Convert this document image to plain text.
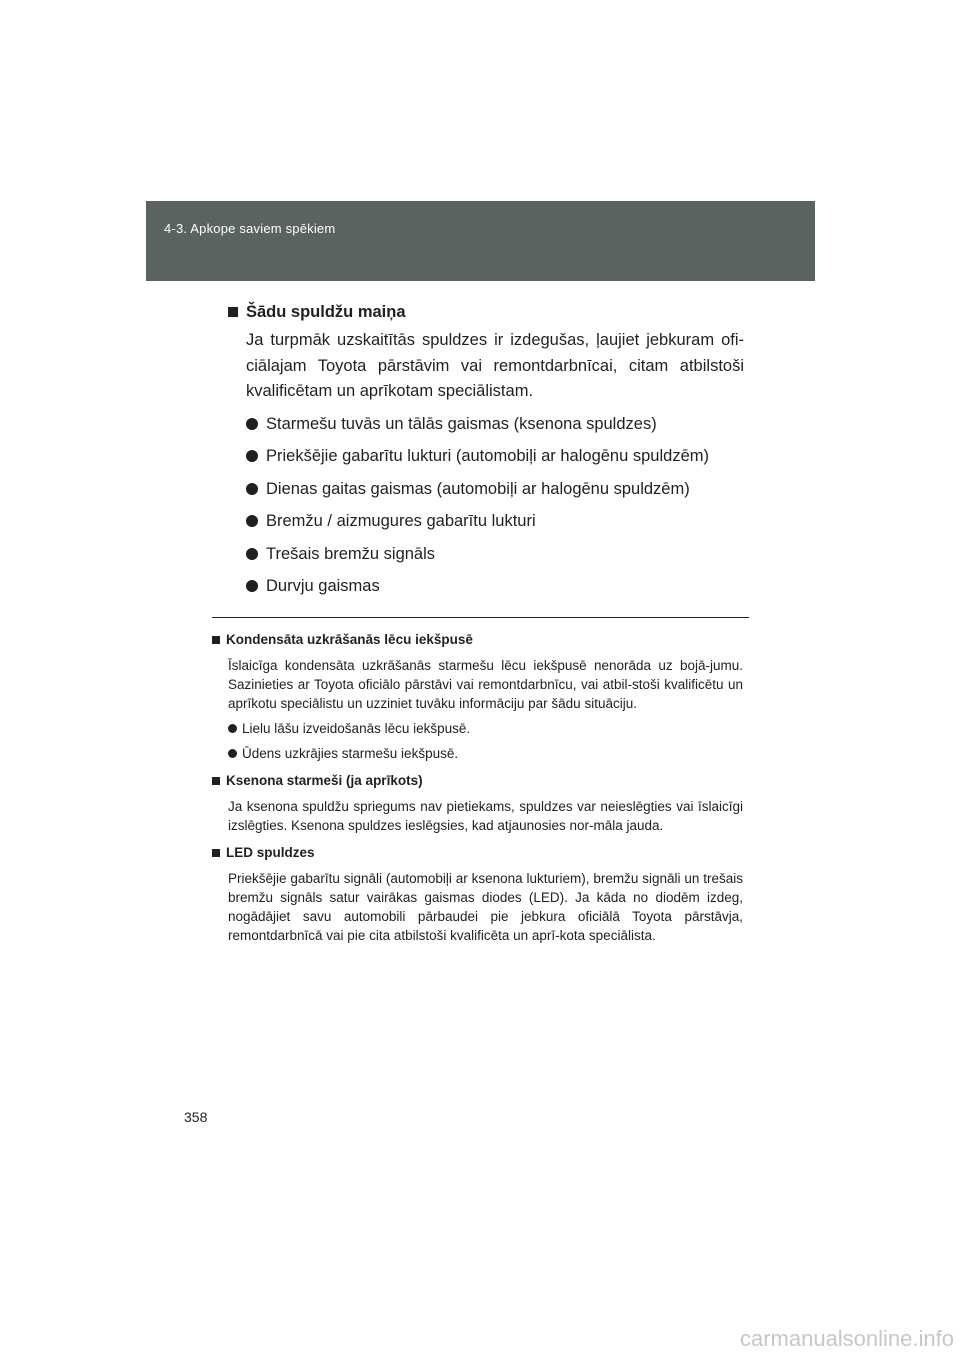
4-3. Apkope saviem spēkiem
Šādu spuldžu maiņa

Ja turpmāk uzskaitītās spuldzes ir izdegušas, ļaujiet jebkuram ofi-ciālajam Toyota pārstāvim vai remontdarbnīcai, citam atbilstoši kvalificētam un aprīkotam speciālistam.

Starmešu tuvās un tālās gaismas (ksenona spuldzes)
Priekšējie gabarītu lukturi (automobiļi ar halogēnu spuldzēm)
Dienas gaitas gaismas (automobiļi ar halogēnu spuldzēm)
Bremžu / aizmugures gabarītu lukturi
Trešais bremžu signāls
Durvju gaismas
Kondensāta uzkrāšanās lēcu iekšpusē

Īslaicīga kondensāta uzkrāšanās starmešu lēcu iekšpusē nenorāda uz bojā-jumu. Sazinieties ar Toyota oficiālo pārstāvi vai remontdarbnīcu, vai atbil-stoši kvalificētu un aprīkotu speciālistu un uzziniet tuvāku informāciju par šādu situāciju.

Lielu lāšu izveidošanās lēcu iekšpusē.
Ūdens uzkrājies starmešu iekšpusē.
Ksenona starmeši (ja aprīkots)

Ja ksenona spuldžu spriegums nav pietiekams, spuldzes var neieslēgties vai īslaicīgi izslēgties. Ksenona spuldzes ieslēgsies, kad atjaunosies nor-māla jauda.

LED spuldzes

Priekšējie gabarītu signāli (automobiļi ar ksenona lukturiem), bremžu signāli un trešais bremžu signāls satur vairākas gaismas diodes (LED). Ja kāda no diodēm izdeg, nogādājiet savu automobili pārbaudei pie jebkura oficiālā Toyota pārstāvja, remontdarbnīcā vai pie cita atbilstoši kvalificēta un aprī-kota speciālista.

358
carmanualsonline.info
